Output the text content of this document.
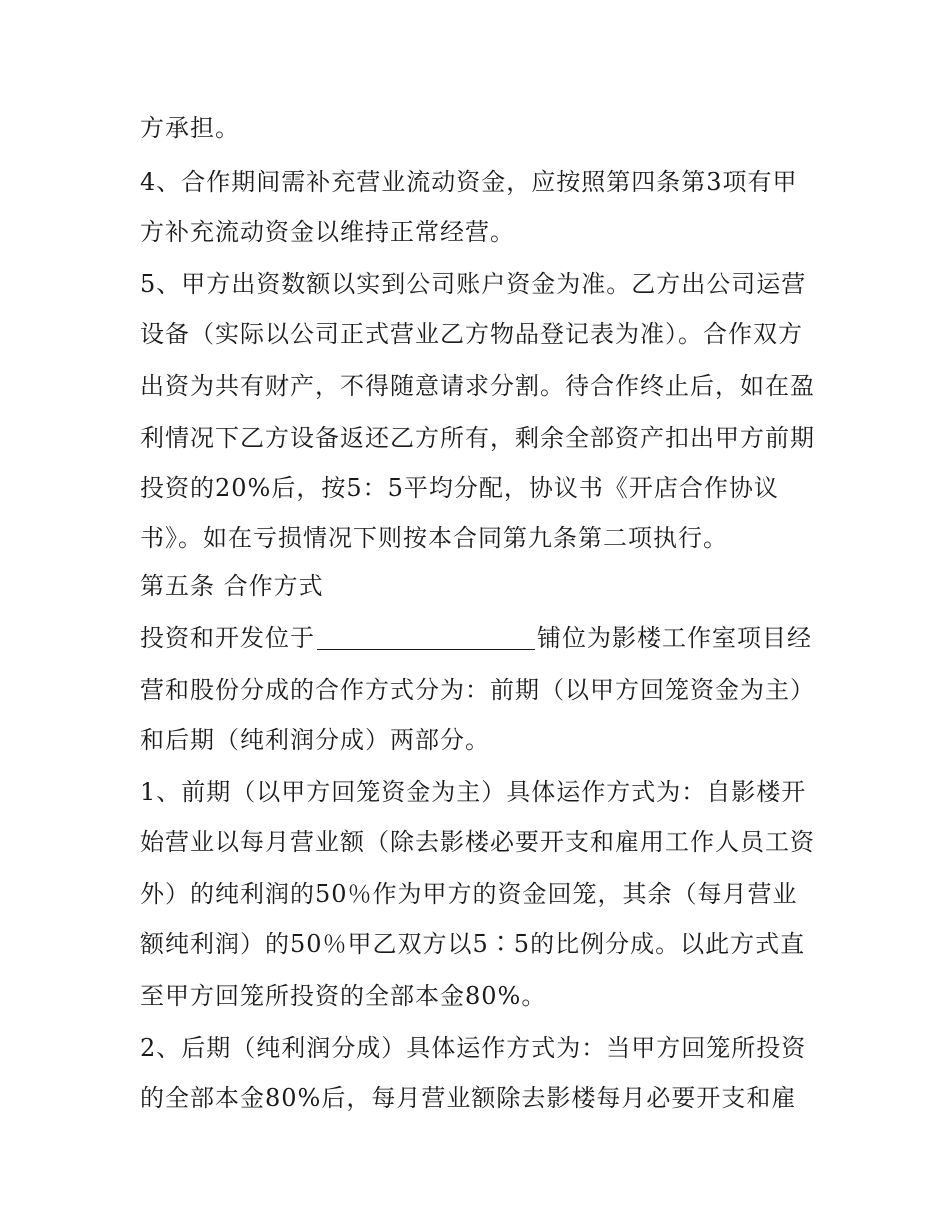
方承担。
4、合作期间需补充营业流动资金，应按照第四条第3项有甲
方补充流动资金以维持正常经营。
5、甲方出资数额以实到公司账户资金为准。乙方出公司运营
设备（实际以公司正式营业乙方物品登记表为准）。合作双方
出资为共有财产，不得随意请求分割。待合作终止后，如在盈
利情况下乙方设备返还乙方所有，剩余全部资产扣出甲方前期
投资的20%后，按5：5平均分配，协议书《开店合作协议
书》。如在亏损情况下则按本合同第九条第二项执行。
第五条 合作方式
投资和开发位于	铺位为影楼工作室项目经
营和股份分成的合作方式分为：前期（以甲方回笼资金为主）
和后期（纯利润分成）两部分。
1、前期（以甲方回笼资金为主）具体运作方式为：自影楼开
始营业以每月营业额（除去影楼必要开支和雇用工作人员工资
外）的纯利润的50％作为甲方的资金回笼，其余（每月营业
额纯利润）的50％甲乙双方以5∶5的比例分成。以此方式直
至甲方回笼所投资的全部本金80%。
2、后期（纯利润分成）具体运作方式为：当甲方回笼所投资
的全部本金80%后，每月营业额除去影楼每月必要开支和雇
